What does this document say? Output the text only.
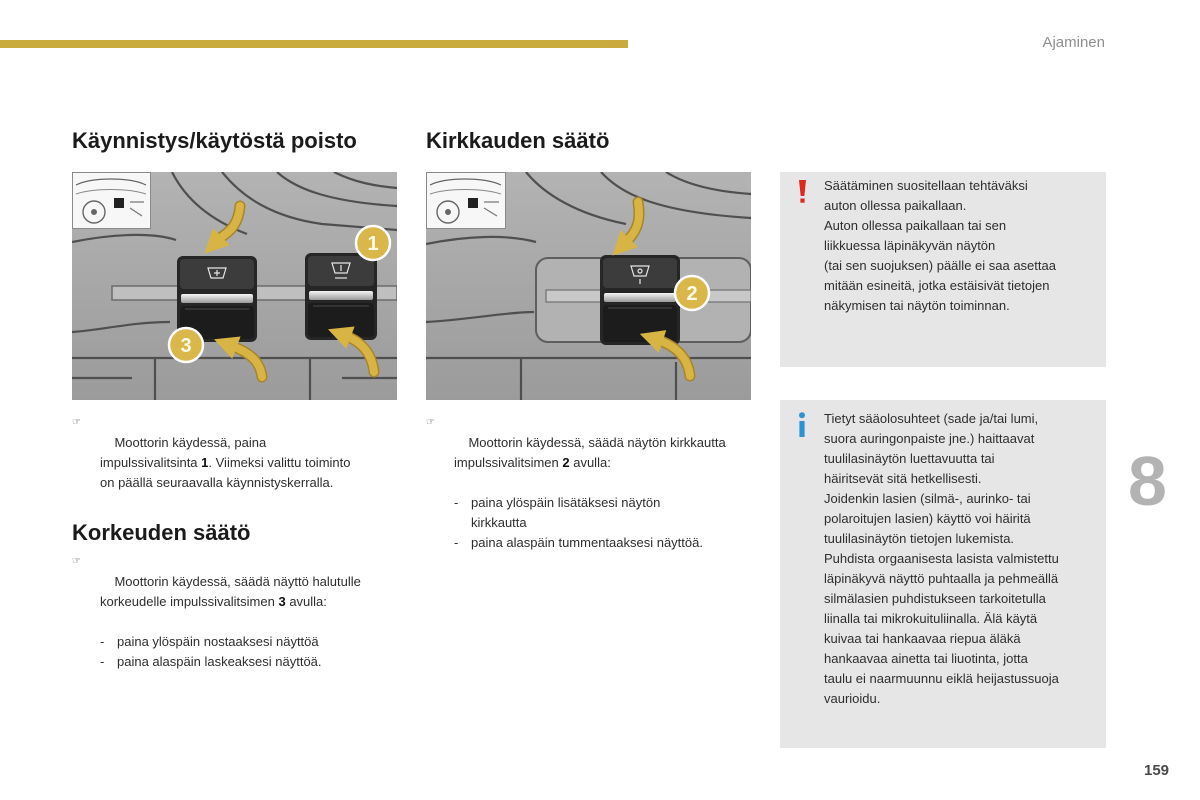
Ajaminen
Käynnistys/käytöstä poisto	Kirkkauden säätö
Korkeuden säätö
1
3
2

☞
Moottorin käydessä, paina
impulssivalitsinta 1. Viimeksi valittu toiminto
on päällä seuraavalla käynnistyskerralla.

☞
Moottorin käydessä, säädä näyttö halutulle
korkeudelle impulssivalitsimen 3 avulla:

- paina ylöspäin nostaaksesi näyttöä
- paina alaspäin laskeaksesi näyttöä.

☞
Moottorin käydessä, säädä näytön kirkkautta
impulssivalitsimen 2 avulla:

- paina ylöspäin lisätäksesi näytön
kirkkautta
- paina alaspäin tummentaaksesi näyttöä.
Säätäminen suositellaan tehtäväksi
auton ollessa paikallaan.
Auton ollessa paikallaan tai sen
liikkuessa läpinäkyvän näytön
(tai sen suojuksen) päälle ei saa asettaa
mitään esineitä, jotka estäisivät tietojen
näkymisen tai näytön toiminnan.
Tietyt sääolosuhteet (sade ja/tai lumi,
suora auringonpaiste jne.) haittaavat
tuulilasinäytön luettavuutta tai
häiritsevät sitä hetkellisesti.
Joidenkin lasien (silmä-, aurinko- tai
polaroitujen lasien) käyttö voi häiritä
tuulilasinäytön tietojen lukemista.
Puhdista orgaanisesta lasista valmistettu
läpinäkyvä näyttö puhtaalla ja pehmeällä
silmälasien puhdistukseen tarkoitetulla
liinalla tai mikrokuituliinalla. Älä käytä
kuivaa tai hankaavaa riepua äläkä
hankaavaa ainetta tai liuotinta, jotta
taulu ei naarmuunnu eiklä heijastussuoja
vaurioidu.
8
159
